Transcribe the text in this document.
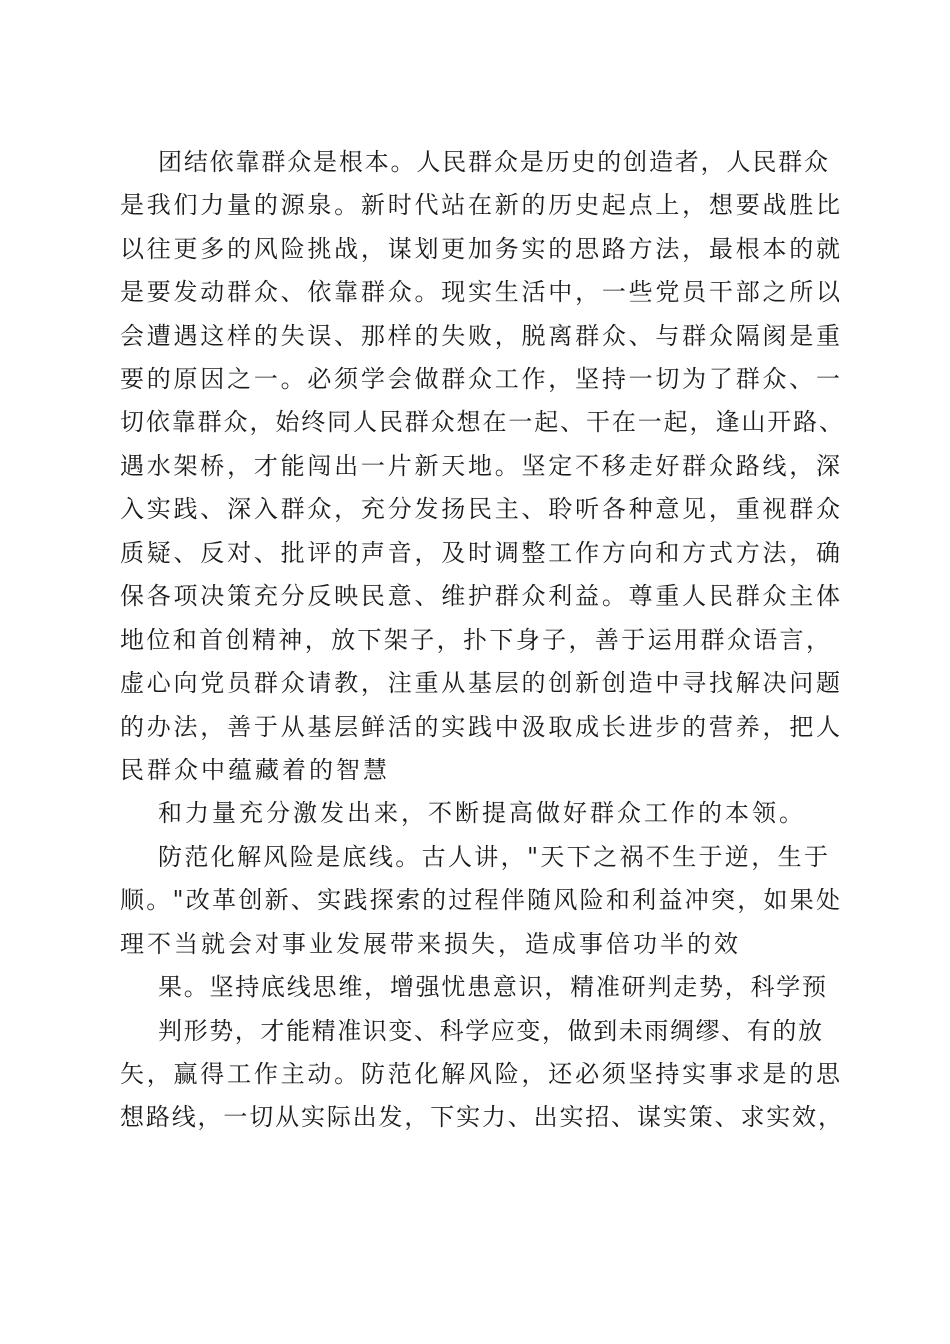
团结依靠群众是根本。人民群众是历史的创造者，人民群众
是我们力量的源泉。新时代站在新的历史起点上，想要战胜比
以往更多的风险挑战，谋划更加务实的思路方法，最根本的就
是要发动群众、依靠群众。现实生活中，一些党员干部之所以
会遭遇这样的失误、那样的失败，脱离群众、与群众隔阂是重
要的原因之一。必须学会做群众工作，坚持一切为了群众、一
切依靠群众，始终同人民群众想在一起、干在一起，逢山开路、
遇水架桥，才能闯出一片新天地。坚定不移走好群众路线，深
入实践、深入群众，充分发扬民主、聆听各种意见，重视群众
质疑、反对、批评的声音，及时调整工作方向和方式方法，确
保各项决策充分反映民意、维护群众利益。尊重人民群众主体
地位和首创精神，放下架子，扑下身子，善于运用群众语言，
虚心向党员群众请教，注重从基层的创新创造中寻找解决问题
的办法，善于从基层鲜活的实践中汲取成长进步的营养，把人
民群众中蕴藏着的智慧
和力量充分激发出来，不断提高做好群众工作的本领。
防范化解风险是底线。古人讲，"天下之祸不生于逆，生于
顺。"改革创新、实践探索的过程伴随风险和利益冲突，如果处
理不当就会对事业发展带来损失，造成事倍功半的效
果。坚持底线思维，增强忧患意识，精准研判走势，科学预
判形势，才能精准识变、科学应变，做到未雨绸缪、有的放
矢，赢得工作主动。防范化解风险，还必须坚持实事求是的思
想路线，一切从实际出发，下实力、出实招、谋实策、求实效，
